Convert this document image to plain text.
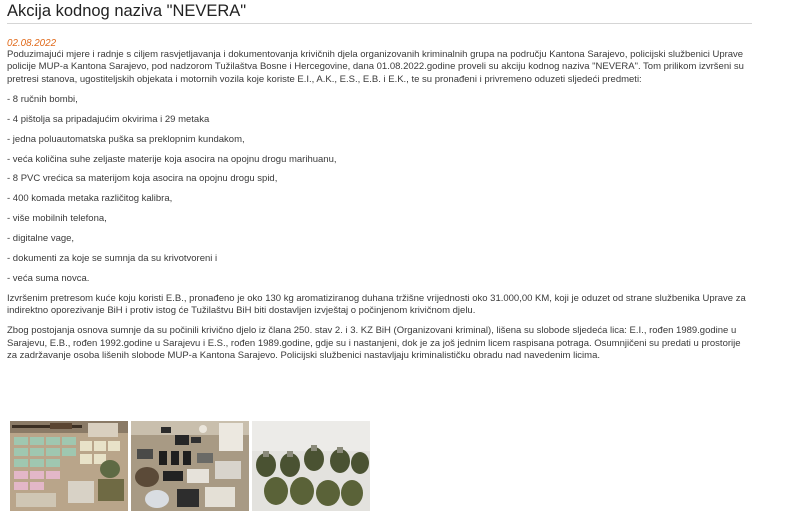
Akcija kodnog naziva "NEVERA"
02.08.2022

Poduzimajući mjere i radnje s ciljem rasvjetljavanja i dokumentovanja krivičnih djela organizovanih kriminalnih grupa na području Kantona Sarajevo, policijski službenici Uprave policije MUP-a Kantona Sarajevo, pod nadzorom Tužilaštva Bosne i Hercegovine, dana 01.08.2022.godine proveli su akciju kodnog naziva "NEVERA". Tom prilikom izvršeni su pretresi stanova, ugostiteljskih objekata i motornih vozila koje koriste E.I., A.K., E.S., E.B. i E.K., te su pronađeni i privremeno oduzeti sljedeći predmeti:

- 8 ručnih bombi,

- 4 pištolja sa pripadajućim okvirima i 29 metaka

- jedna poluautomatska puška sa preklopnim kundakom,

- veća količina suhe zeljaste materije koja asocira na opojnu drogu marihuanu,

- 8 PVC vrećica sa materijom koja asocira na opojnu drogu spid,

- 400 komada metaka različitog kalibra,

- više mobilnih telefona,

- digitalne vage,

- dokumenti za koje se sumnja da su krivotvoreni i

- veća suma novca.

Izvršenim pretresom kuće koju koristi E.B., pronađeno je oko 130 kg aromatiziranog duhana tržišne vrijednosti oko 31.000,00 KM, koji je oduzet od strane službenika Uprave za indirektno oporezivanje BiH i protiv istog će Tužilaštvu BiH biti dostavljen izvještaj o počinjenom krivičnom djelu.

Zbog postojanja osnova sumnje da su počinili krivično djelo iz člana 250. stav 2. i 3. KZ BiH (Organizovani kriminal), lišena su slobode sljedeća lica: E.I., rođen 1989.godine u Sarajevu, E.B., rođen 1992.godine u Sarajevu i E.S., rođen 1989.godine, gdje su i nastanjeni, dok je za još jednim licem raspisana potraga. Osumnjičeni su predati u prostorije za zadržavanje osoba lišenih slobode MUP-a Kantona Sarajevo. Policijski službenici nastavljaju kriminalističku obradu nad navedenim licima.
